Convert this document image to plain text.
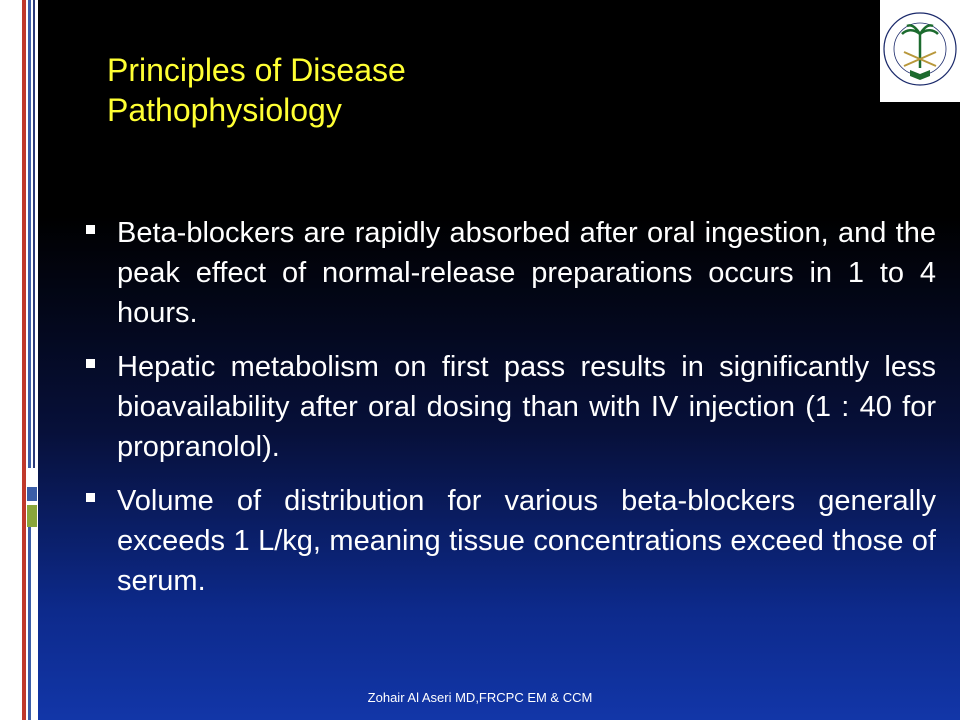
Principles of Disease
Pathophysiology
Beta-blockers are rapidly absorbed after oral ingestion, and the peak effect of normal-release preparations occurs in 1 to 4 hours.
Hepatic metabolism on first pass results in significantly less bioavailability after oral dosing than with IV injection (1 : 40 for propranolol).
Volume of distribution for various beta-blockers generally exceeds 1 L/kg, meaning tissue concentrations exceed those of serum.
Zohair Al Aseri MD,FRCPC EM & CCM
